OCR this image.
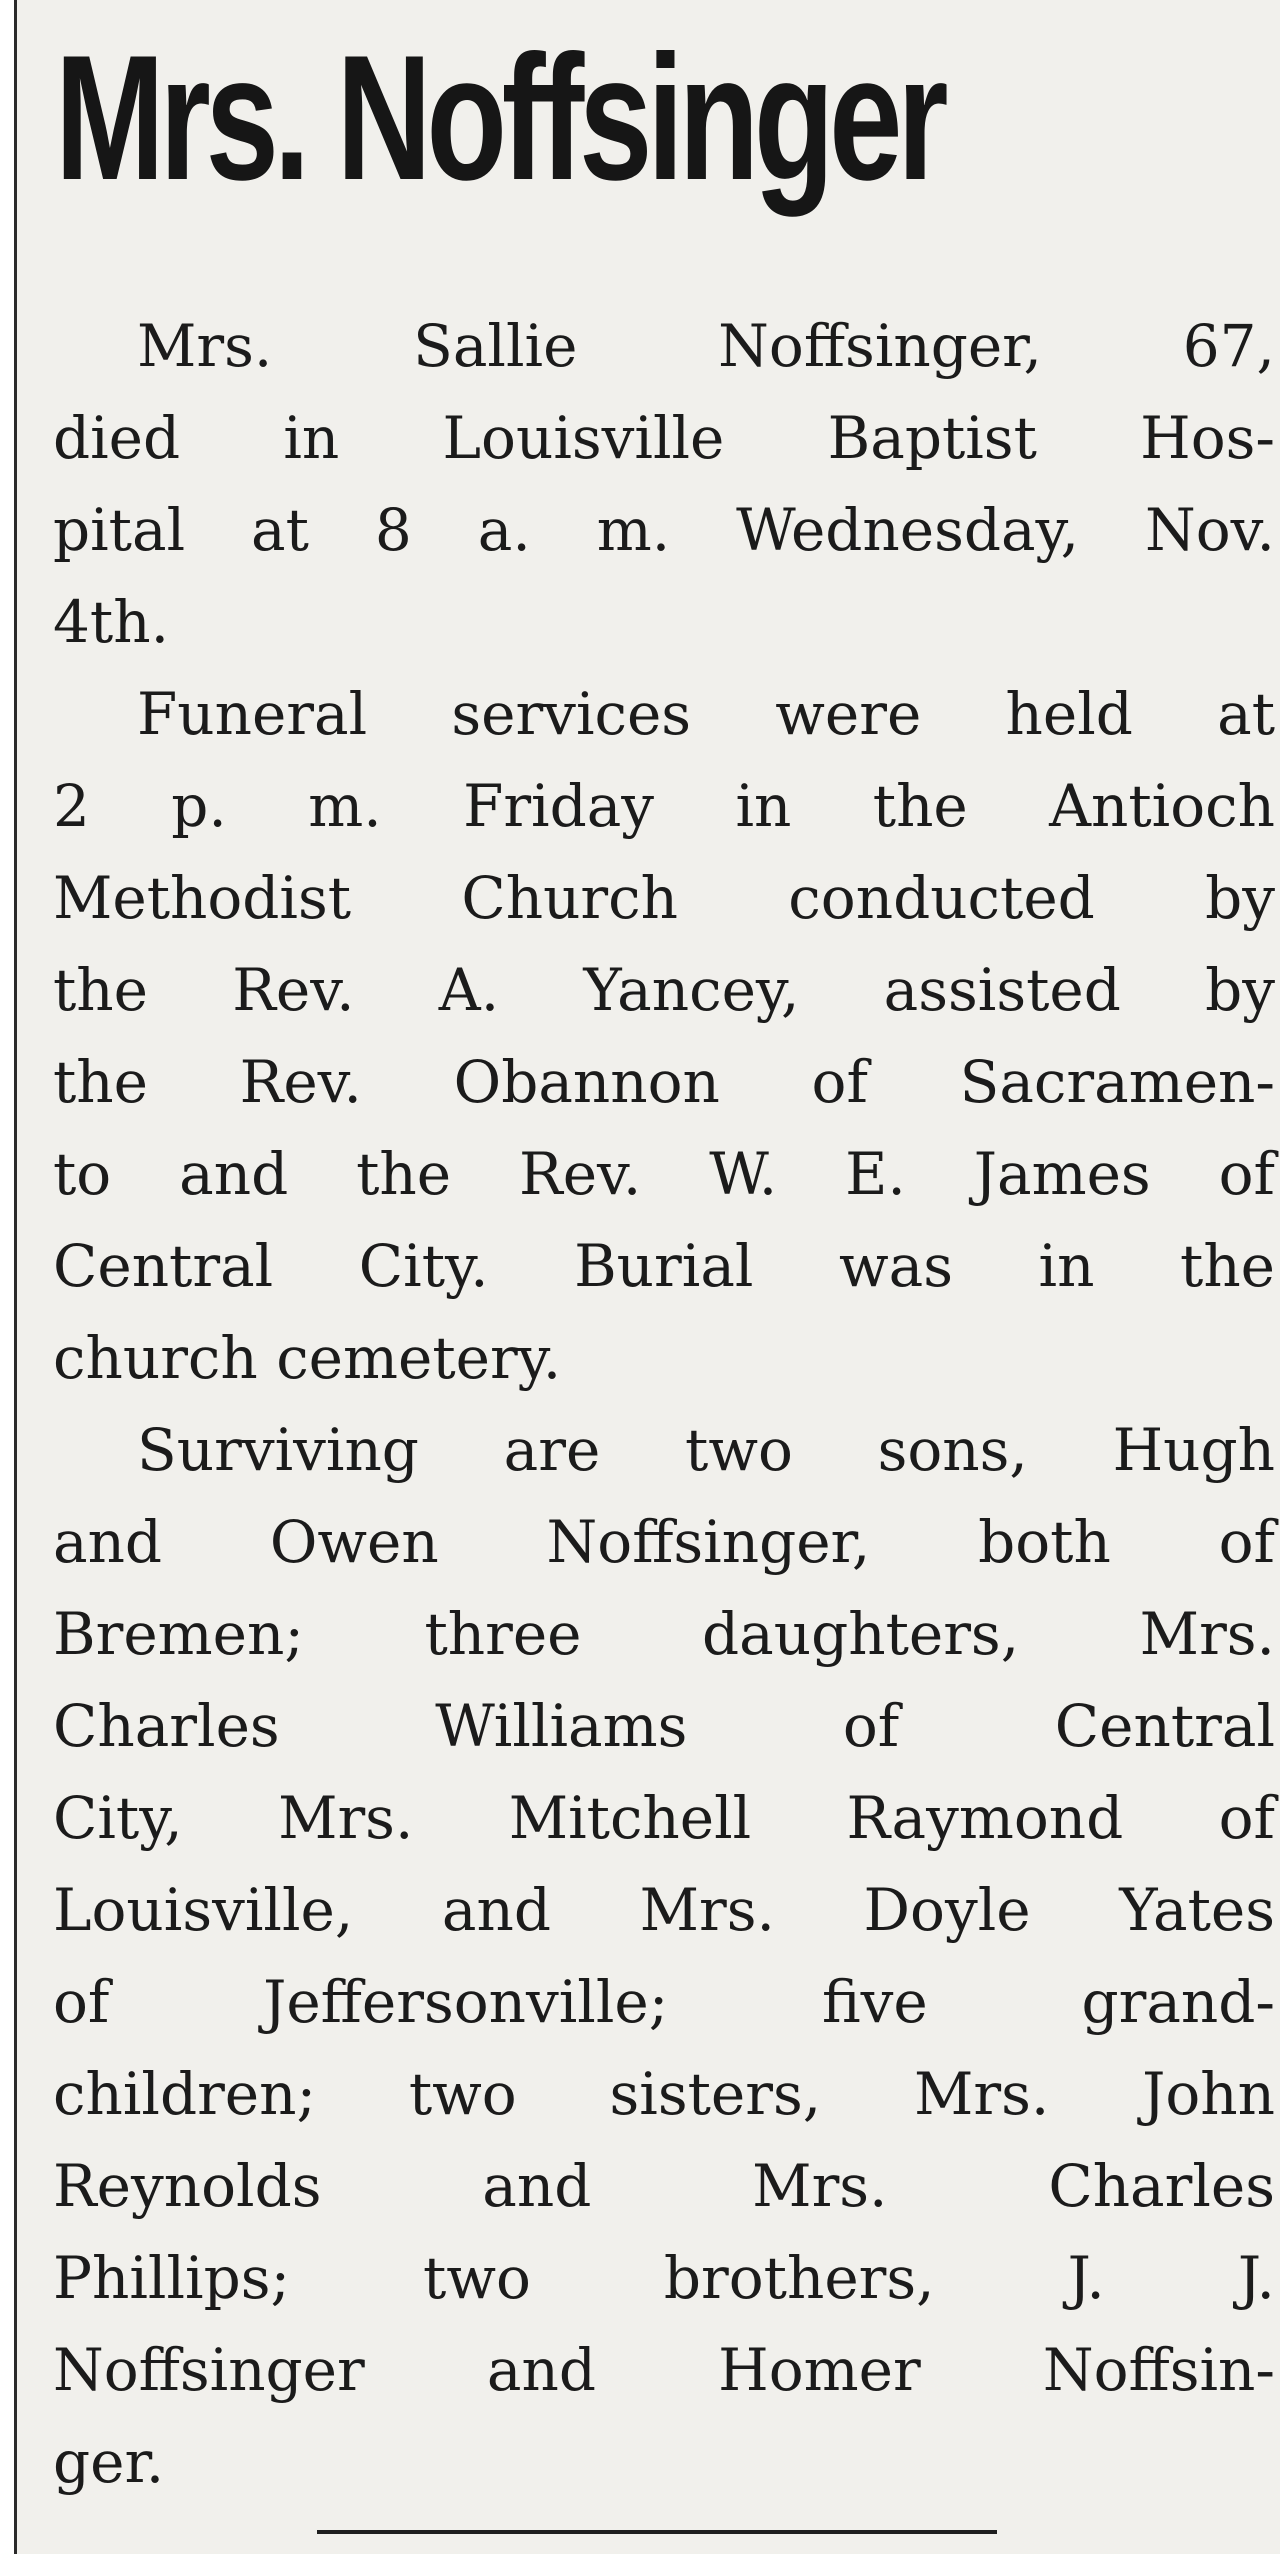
Mrs. Noffsinger
Mrs. Sallie Noffsinger, 67,
died in Louisville Baptist Hos-
pital at 8 a. m. Wednesday, Nov.
4th.
Funeral services were held at
2 p. m. Friday in the Antioch
Methodist Church conducted by
the Rev. A. Yancey, assisted by
the Rev. Obannon of Sacramen-
to and the Rev. W. E. James of
Central City. Burial was in the
church cemetery.
Surviving are two sons, Hugh
and Owen Noffsinger, both of
Bremen; three daughters, Mrs.
Charles Williams of Central
City, Mrs. Mitchell Raymond of
Louisville, and Mrs. Doyle Yates
of Jeffersonville; five grand-
children; two sisters, Mrs. John
Reynolds and Mrs. Charles
Phillips; two brothers, J. J.
Noffsinger and Homer Noffsin-
ger.
